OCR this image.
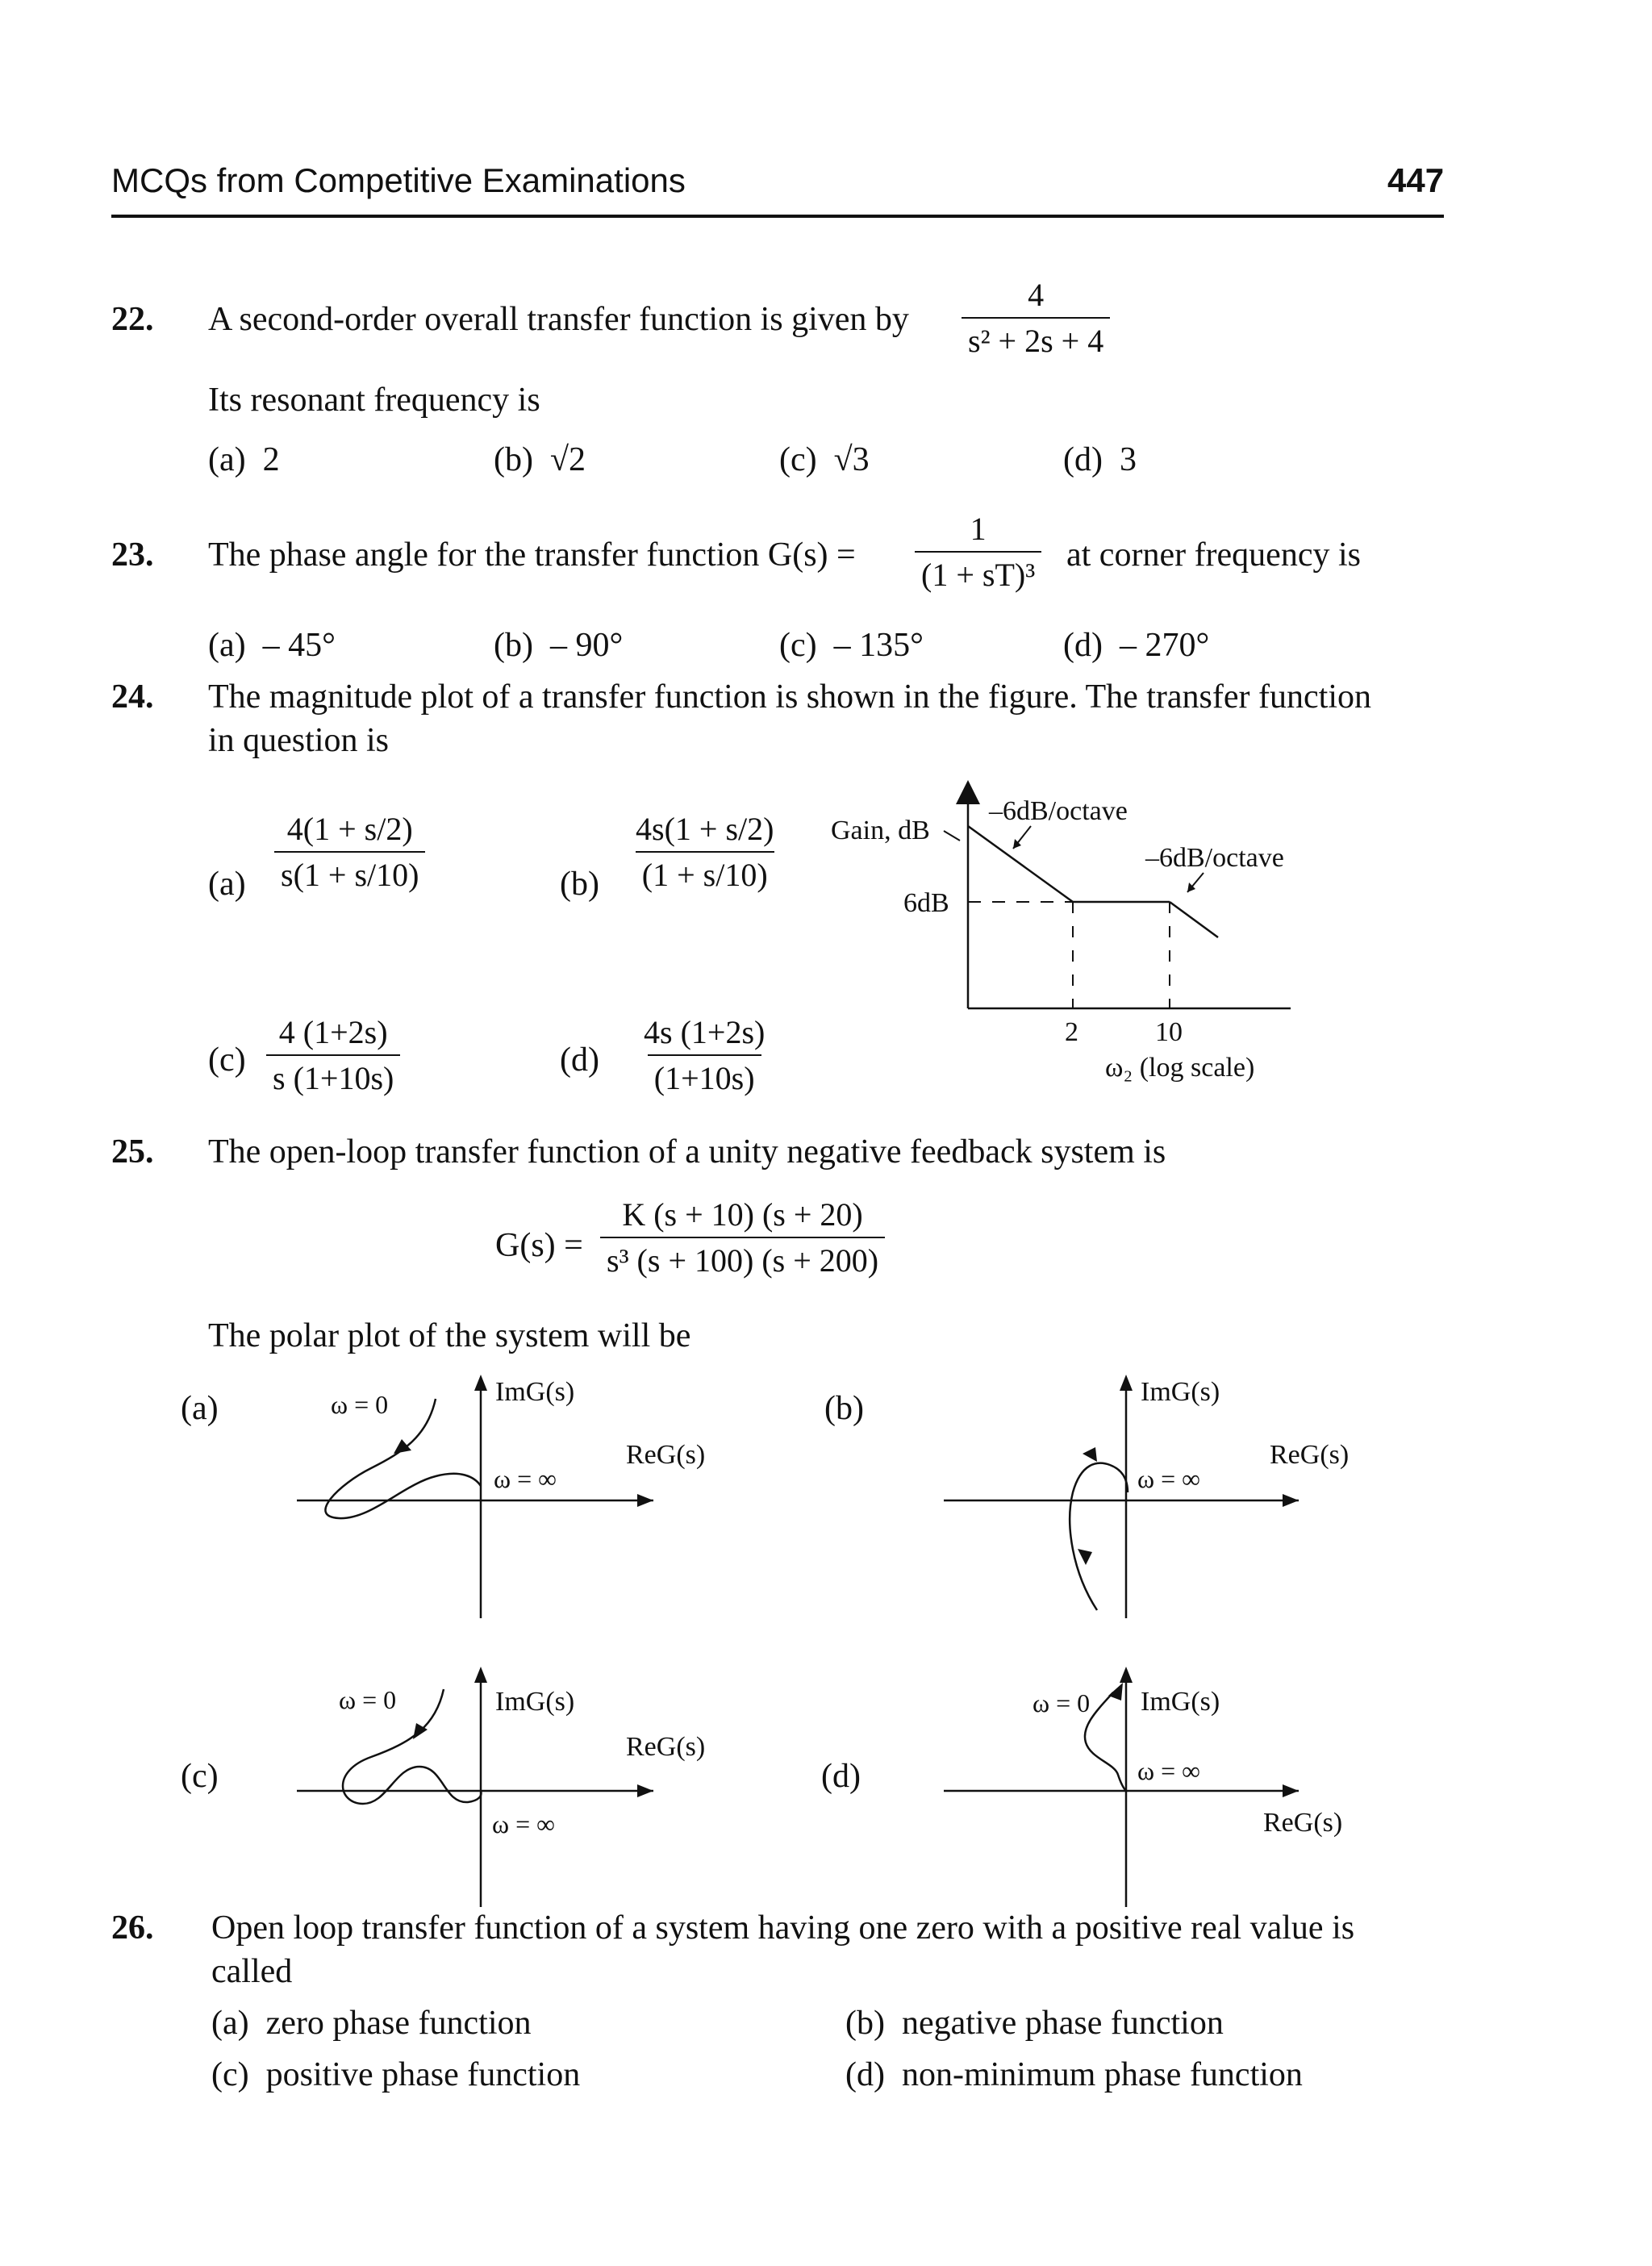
MCQs from Competitive Examinations	447
22. A second-order overall transfer function is given by $\frac{4}{\text{s² + 2s + 4}}$
Its resonant frequency is
(a) 2	(b) √2	(c) √3	(d) 3
23. The phase angle for the transfer function $G(s) = \frac{1}{\text{(1 + sT)³}}$ at corner frequency is
(a) – 45°	(b) – 90°	(c) – 135°	(d) – 270°
24. The magnitude plot of a transfer function is shown in the figure. The transfer function
in question is
$(a) \frac{4(1 + s/2)}{s(1 + s/10)}$	$(b) \frac{4s(1 + s/2)}{(1 + s/10)}$
$(c) \frac{4 (1+2s)}{s (1+10s)}$	$(d) \frac{4s (1+2s)}{(1+10s)}$
Gain, dB
–6dB/octave
–6dB/octave
6dB
2	10
ω₂ (log scale)
25. The open-loop transfer function of a unity negative feedback system is
$G(s) = \frac{K (s + 10) (s + 20)}{\text{s³ (s + 100) (s + 200)}}$
The polar plot of the system will be
(a)	ω = 0	ImG(s)
ReG(s)
ω = ∞
(b)	ImG(s)
ReG(s)
ω = ∞
(c)
ω = 0	ImG(s)
ReG(s)
ω = ∞
(d)
ω = 0 ImG(s)
ω = ∞
ReG(s)
26. Open loop transfer function of a system having one zero with a positive real value is
called
(a) zero phase function	(b) negative phase function
(c) positive phase function	(d) non-minimum phase function
